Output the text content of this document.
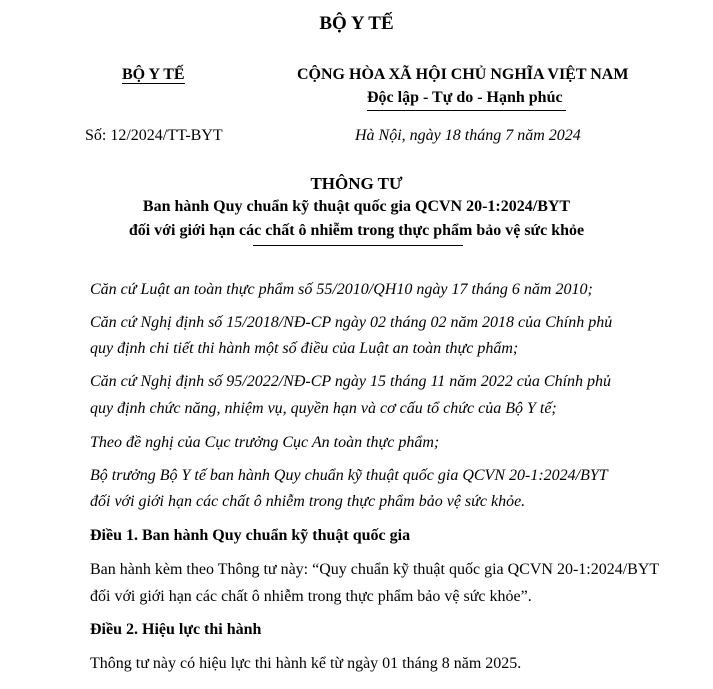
BỘ Y TẾ
BỘ Y TẾ	CỘNG HÒA XÃ HỘI CHỦ NGHĨA VIỆT NAM
Độc lập - Tự do - Hạnh phúc
Số: 12/2024/TT-BYT	Hà Nội, ngày 18 tháng 7 năm 2024
THÔNG TƯ
Ban hành Quy chuẩn kỹ thuật quốc gia QCVN 20-1:2024/BYT
đối với giới hạn các chất ô nhiễm trong thực phẩm bảo vệ sức khỏe
Căn cứ Luật an toàn thực phẩm số 55/2010/QH10 ngày 17 tháng 6 năm 2010;
Căn cứ Nghị định số 15/2018/NĐ-CP ngày 02 tháng 02 năm 2018 của Chính phủ
quy định chi tiết thi hành một số điều của Luật an toàn thực phẩm;
Căn cứ Nghị định số 95/2022/NĐ-CP ngày 15 tháng 11 năm 2022 của Chính phủ
quy định chức năng, nhiệm vụ, quyền hạn và cơ cấu tổ chức của Bộ Y tế;
Theo đề nghị của Cục trưởng Cục An toàn thực phẩm;
Bộ trưởng Bộ Y tế ban hành Quy chuẩn kỹ thuật quốc gia QCVN 20-1:2024/BYT
đối với giới hạn các chất ô nhiễm trong thực phẩm bảo vệ sức khỏe.
Điều 1. Ban hành Quy chuẩn kỹ thuật quốc gia
Ban hành kèm theo Thông tư này: “Quy chuẩn kỹ thuật quốc gia QCVN 20-1:2024/BYT
đối với giới hạn các chất ô nhiễm trong thực phẩm bảo vệ sức khỏe”.
Điều 2. Hiệu lực thi hành
Thông tư này có hiệu lực thi hành kể từ ngày 01 tháng 8 năm 2025.
